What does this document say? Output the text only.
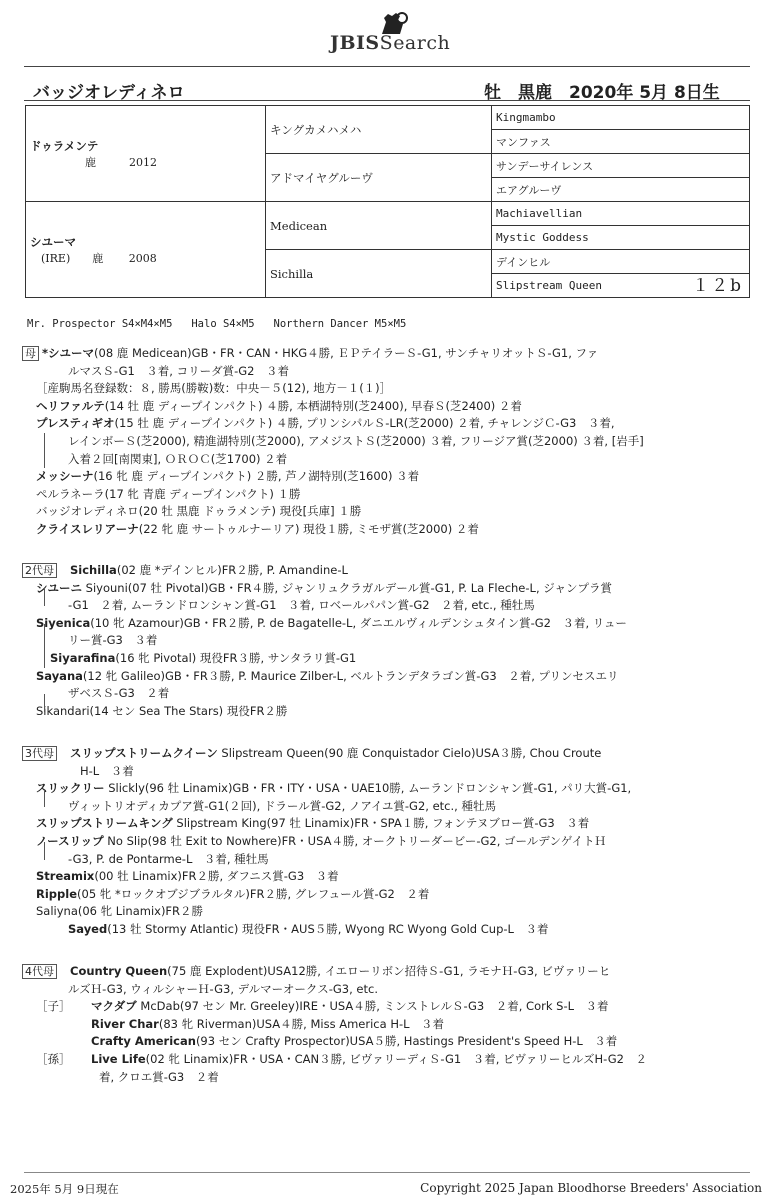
JBISSearch
バッジオレディネロ	牡　黒鹿　2020年 5月 8日生
ドゥラメンテ
　　　　　鹿　　　2012	キングカメハメハ	Kingmambo
		マンファス
	アドマイヤグルーヴ	サンデーサイレンス
		エアグルーヴ

シユーマ
　(IRE)　　鹿　　 2008	Medicean	Machiavellian
		Mystic Goddess
	Sichilla	デインヒル
		Slipstream Queen １２b
Mr. Prospector S4×M4×M5   Halo S4×M5   Northern Dancer M5×M5
母 *シユーマ(08 鹿 Medicean)GB・FR・CAN・HKG４勝, ＥＰテイラーＳ-G1, サンチャリオットＳ-G1, ファ
ルマスＳ-G1　３着, コリーダ賞-G2　３着
［産駒馬名登録数：８, 勝馬(勝鞍)数：中央－５(12), 地方－１(１)］
ヘリファルテ(14 牡 鹿 ディープインパクト) ４勝, 本栖湖特別(芝2400), 早春Ｓ(芝2400) ２着
プレスティギオ(15 牡 鹿 ディープインパクト) ４勝, プリンシパルＳ-LR(芝2000) ２着, チャレンジＣ-G3　３着,
レインボーＳ(芝2000), 精進湖特別(芝2000), アメジストＳ(芝2000) ３着, フリージア賞(芝2000) ３着, [岩手]
入着２回[南関東], ＯＲＯＣ(芝1700) ２着
メッシーナ(16 牝 鹿 ディープインパクト) ２勝, 芦ノ湖特別(芝1600) ３着
ペルラネーラ(17 牝 青鹿 ディープインパクト) １勝
バッジオレディネロ(20 牡 黒鹿 ドゥラメンテ) 現役[兵庫] １勝
クライスレリアーナ(22 牝 鹿 サートゥルナーリア) 現役１勝, ミモザ賞(芝2000) ２着
2代母 Sichilla(02 鹿 *デインヒル)FR２勝, P. Amandine-L
シユーニ Siyouni(07 牡 Pivotal)GB・FR４勝, ジャンリュクラガルデール賞-G1, P. La Fleche-L, ジャンプラ賞
-G1　２着, ムーランドロンシャン賞-G1　３着, ロベールパパン賞-G2　２着, etc., 種牡馬
Siyenica(10 牝 Azamour)GB・FR２勝, P. de Bagatelle-L, ダニエルヴィルデンシュタイン賞-G2　３着, リュー
リー賞-G3　３着
Siyarafina(16 牝 Pivotal) 現役FR３勝, サンタラリ賞-G1
Sayana(12 牝 Galileo)GB・FR３勝, P. Maurice Zilber-L, ベルトランデタラゴン賞-G3　２着, プリンセスエリ
ザベスＳ-G3　２着
Sikandari(14 セン Sea The Stars) 現役FR２勝
3代母 スリップストリームクイーン Slipstream Queen(90 鹿 Conquistador Cielo)USA３勝, Chou Croute
H-L　３着
スリックリー Slickly(96 牡 Linamix)GB・FR・ITY・USA・UAE10勝, ムーランドロンシャン賞-G1, パリ大賞-G1,
ヴィットリオディカプア賞-G1(２回), ドラール賞-G2, ノアイユ賞-G2, etc., 種牡馬
スリップストリームキング Slipstream King(97 牡 Linamix)FR・SPA１勝, フォンテヌブロー賞-G3　３着
ノースリップ No Slip(98 牡 Exit to Nowhere)FR・USA４勝, オークトリーダービー-G2, ゴールデンゲイトＨ
-G3, P. de Pontarme-L　３着, 種牡馬
Streamix(00 牡 Linamix)FR２勝, ダフニス賞-G3　３着
Ripple(05 牝 *ロックオブジブラルタル)FR２勝, グレフュール賞-G2　２着
Saliyna(06 牝 Linamix)FR２勝
Sayed(13 牡 Stormy Atlantic) 現役FR・AUS５勝, Wyong RC Wyong Gold Cup-L　３着
4代母 Country Queen(75 鹿 Explodent)USA12勝, イエローリボン招待Ｓ-G1, ラモナＨ-G3, ビヴァリーヒ
ルズＨ-G3, ウィルシャーＨ-G3, デルマーオークス-G3, etc.
［子］ マクダブ McDab(97 セン Mr. Greeley)IRE・USA４勝, ミンストレルＳ-G3　２着, Cork S-L　３着
River Char(83 牝 Riverman)USA４勝, Miss America H-L　３着
Crafty American(93 セン Crafty Prospector)USA５勝, Hastings President's Speed H-L　３着
［孫］ Live Life(02 牝 Linamix)FR・USA・CAN３勝, ビヴァリーディＳ-G1　３着, ビヴァリーヒルズH-G2　２
着, クロエ賞-G3　２着
2025年 5月 9日現在	Copyright 2025 Japan Bloodhorse Breeders' Association
